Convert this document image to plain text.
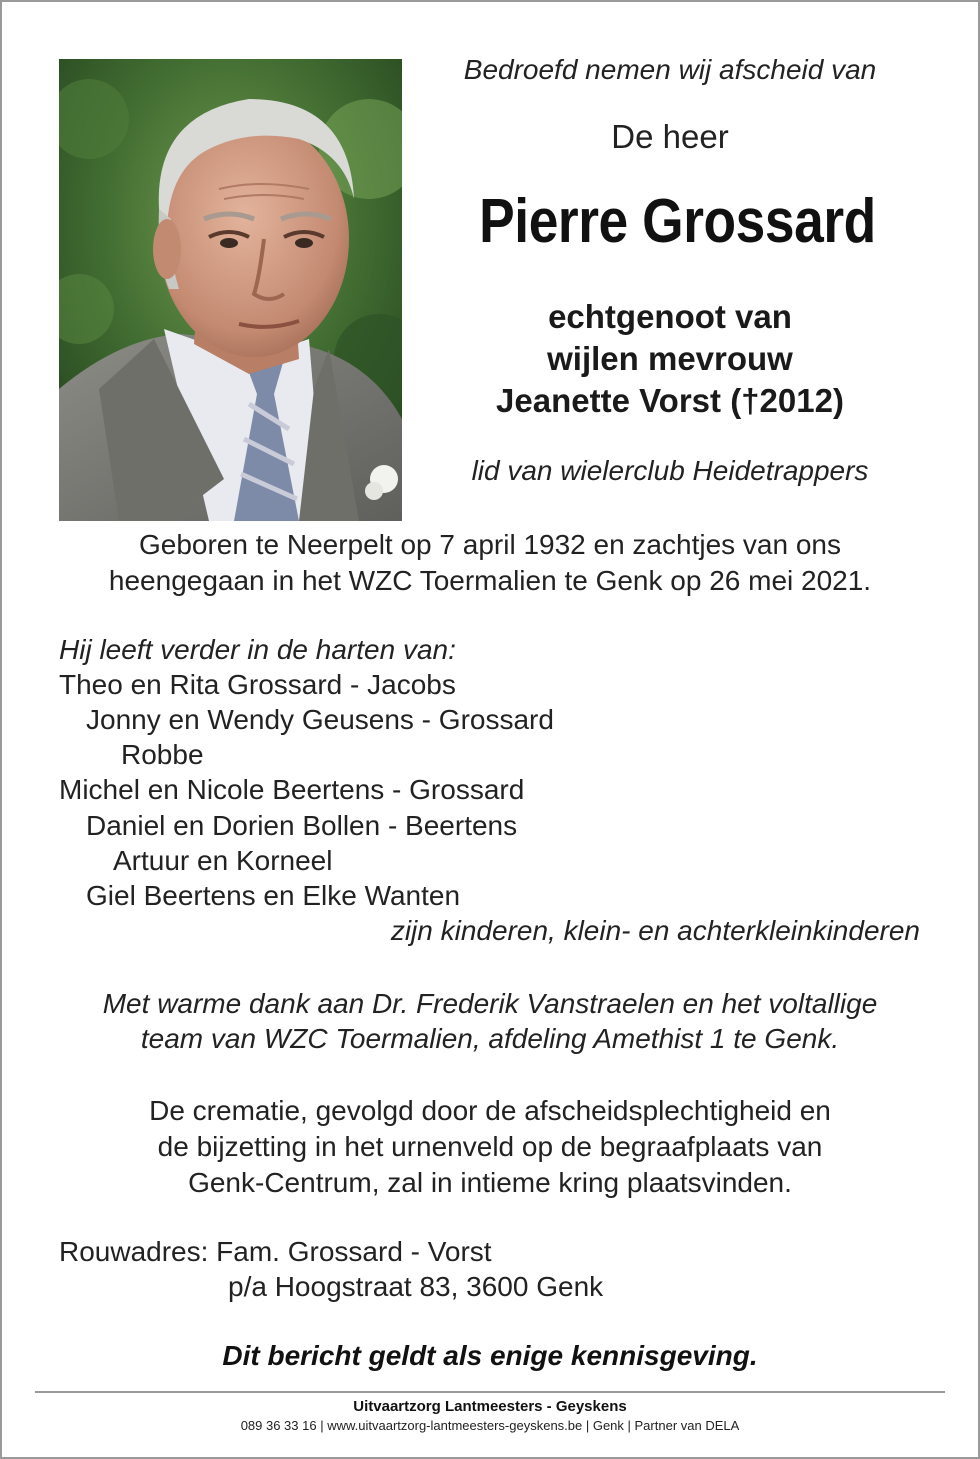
Bedroefd nemen wij afscheid van

De heer

Pierre Grossard
echtgenoot van
wijlen mevrouw
Jeanette Vorst (†2012)

lid van wielerclub Heidetrappers

Geboren te Neerpelt op 7 april 1932 en zachtjes van ons
heengegaan in het WZC Toermalien te Genk op 26 mei 2021.

Hij leeft verder in de harten van:

Theo en Rita Grossard - Jacobs

Jonny en Wendy Geusens - Grossard

Robbe

Michel en Nicole Beertens - Grossard

Daniel en Dorien Bollen - Beertens

Artuur en Korneel

Giel Beertens en Elke Wanten

zijn kinderen, klein- en achterkleinkinderen

Met warme dank aan Dr. Frederik Vanstraelen en het voltallige
team van WZC Toermalien, afdeling Amethist 1 te Genk.
De crematie, gevolgd door de afscheidsplechtigheid en
de bijzetting in het urnenveld op de begraafplaats van
Genk-Centrum, zal in intieme kring plaatsvinden.

Rouwadres: Fam. Grossard - Vorst

p/a Hoogstraat 83, 3600 Genk

Dit bericht geldt als enige kennisgeving.

Uitvaartzorg Lantmeesters - Geyskens

089 36 33 16 | www.uitvaartzorg-lantmeesters-geyskens.be | Genk | Partner van DELA
